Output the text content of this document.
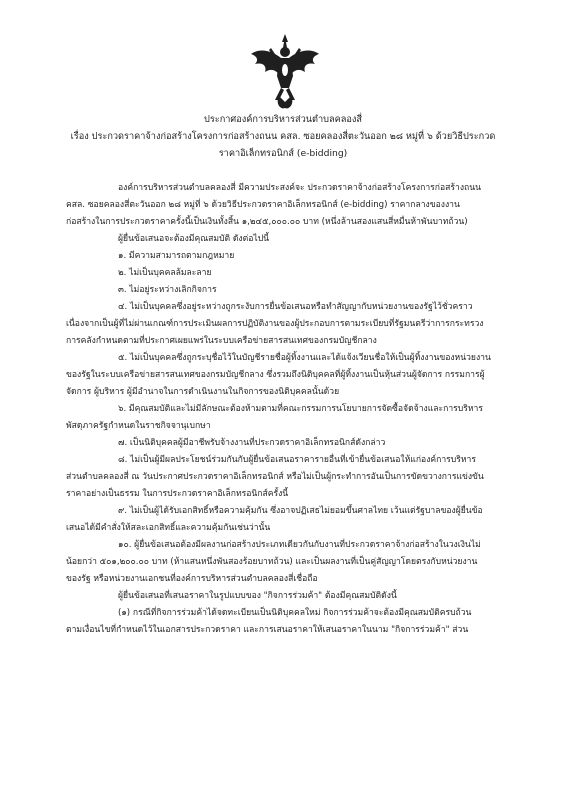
ประกาศองค์การบริหารส่วนตำบลคลองสี่
เรื่อง ประกวดราคาจ้างก่อสร้างโครงการก่อสร้างถนน คสล. ซอยคลองสี่ตะวันออก ๒๘ หมู่ที่ ๖ ด้วยวิธีประกวด
ราคาอิเล็กทรอนิกส์ (e-bidding)
องค์การบริหารส่วนตำบลคลองสี่ มีความประสงค์จะ ประกวดราคาจ้างก่อสร้างโครงการก่อสร้างถนน
คสล. ซอยคลองสี่ตะวันออก ๒๘ หมู่ที่ ๖ ด้วยวิธีประกวดราคาอิเล็กทรอนิกส์ (e-bidding) ราคากลางของงาน
ก่อสร้างในการประกวดราคาครั้งนี้เป็นเงินทั้งสิ้น ๑,๒๔๕,๐๐๐.๐๐ บาท (หนึ่งล้านสองแสนสี่หมื่นห้าพันบาทถ้วน)
ผู้ยื่นข้อเสนอจะต้องมีคุณสมบัติ ดังต่อไปนี้
๑. มีความสามารถตามกฎหมาย
๒. ไม่เป็นบุคคลล้มละลาย
๓. ไม่อยู่ระหว่างเลิกกิจการ
๔. ไม่เป็นบุคคลซึ่งอยู่ระหว่างถูกระงับการยื่นข้อเสนอหรือทำสัญญากับหน่วยงานของรัฐไว้ชั่วคราว
เนื่องจากเป็นผู้ที่ไม่ผ่านเกณฑ์การประเมินผลการปฏิบัติงานของผู้ประกอบการตามระเบียบที่รัฐมนตรีว่าการกระทรวง
การคลังกำหนดตามที่ประกาศเผยแพร่ในระบบเครือข่ายสารสนเทศของกรมบัญชีกลาง
๕. ไม่เป็นบุคคลซึ่งถูกระบุชื่อไว้ในบัญชีรายชื่อผู้ทิ้งงานและได้แจ้งเวียนชื่อให้เป็นผู้ทิ้งงานของหน่วยงาน
ของรัฐในระบบเครือข่ายสารสนเทศของกรมบัญชีกลาง ซึ่งรวมถึงนิติบุคคลที่ผู้ทิ้งงานเป็นหุ้นส่วนผู้จัดการ กรรมการผู้
จัดการ ผู้บริหาร ผู้มีอำนาจในการดำเนินงานในกิจการของนิติบุคคลนั้นด้วย
๖. มีคุณสมบัติและไม่มีลักษณะต้องห้ามตามที่คณะกรรมการนโยบายการจัดซื้อจัดจ้างและการบริหาร
พัสดุภาครัฐกำหนดในราชกิจจานุเบกษา
๗. เป็นนิติบุคคลผู้มีอาชีพรับจ้างงานที่ประกวดราคาอิเล็กทรอนิกส์ดังกล่าว
๘. ไม่เป็นผู้มีผลประโยชน์ร่วมกันกับผู้ยื่นข้อเสนอราคารายอื่นที่เข้ายื่นข้อเสนอให้แก่องค์การบริหาร
ส่วนตำบลคลองสี่ ณ วันประกาศประกวดราคาอิเล็กทรอนิกส์ หรือไม่เป็นผู้กระทำการอันเป็นการขัดขวางการแข่งขัน
ราคาอย่างเป็นธรรม ในการประกวดราคาอิเล็กทรอนิกส์ครั้งนี้
๙. ไม่เป็นผู้ได้รับเอกสิทธิ์หรือความคุ้มกัน ซึ่งอาจปฏิเสธไม่ยอมขึ้นศาลไทย เว้นแต่รัฐบาลของผู้ยื่นข้อ
เสนอได้มีคำสั่งให้สละเอกสิทธิ์และความคุ้มกันเช่นว่านั้น
๑๐. ผู้ยื่นข้อเสนอต้องมีผลงานก่อสร้างประเภทเดียวกันกับงานที่ประกวดราคาจ้างก่อสร้างในวงเงินไม่
น้อยกว่า ๕๐๑,๒๐๐.๐๐ บาท (ห้าแสนหนึ่งพันสองร้อยบาทถ้วน) และเป็นผลงานที่เป็นคู่สัญญาโดยตรงกับหน่วยงาน
ของรัฐ หรือหน่วยงานเอกชนที่องค์การบริหารส่วนตำบลคลองสี่เชื่อถือ
ผู้ยื่นข้อเสนอที่เสนอราคาในรูปแบบของ "กิจการร่วมค้า" ต้องมีคุณสมบัติดังนี้
(๑) กรณีที่กิจการร่วมค้าได้จดทะเบียนเป็นนิติบุคคลใหม่ กิจการร่วมค้าจะต้องมีคุณสมบัติครบถ้วน
ตามเงื่อนไขที่กำหนดไว้ในเอกสารประกวดราคา และการเสนอราคาให้เสนอราคาในนาม "กิจการร่วมค้า" ส่วน
